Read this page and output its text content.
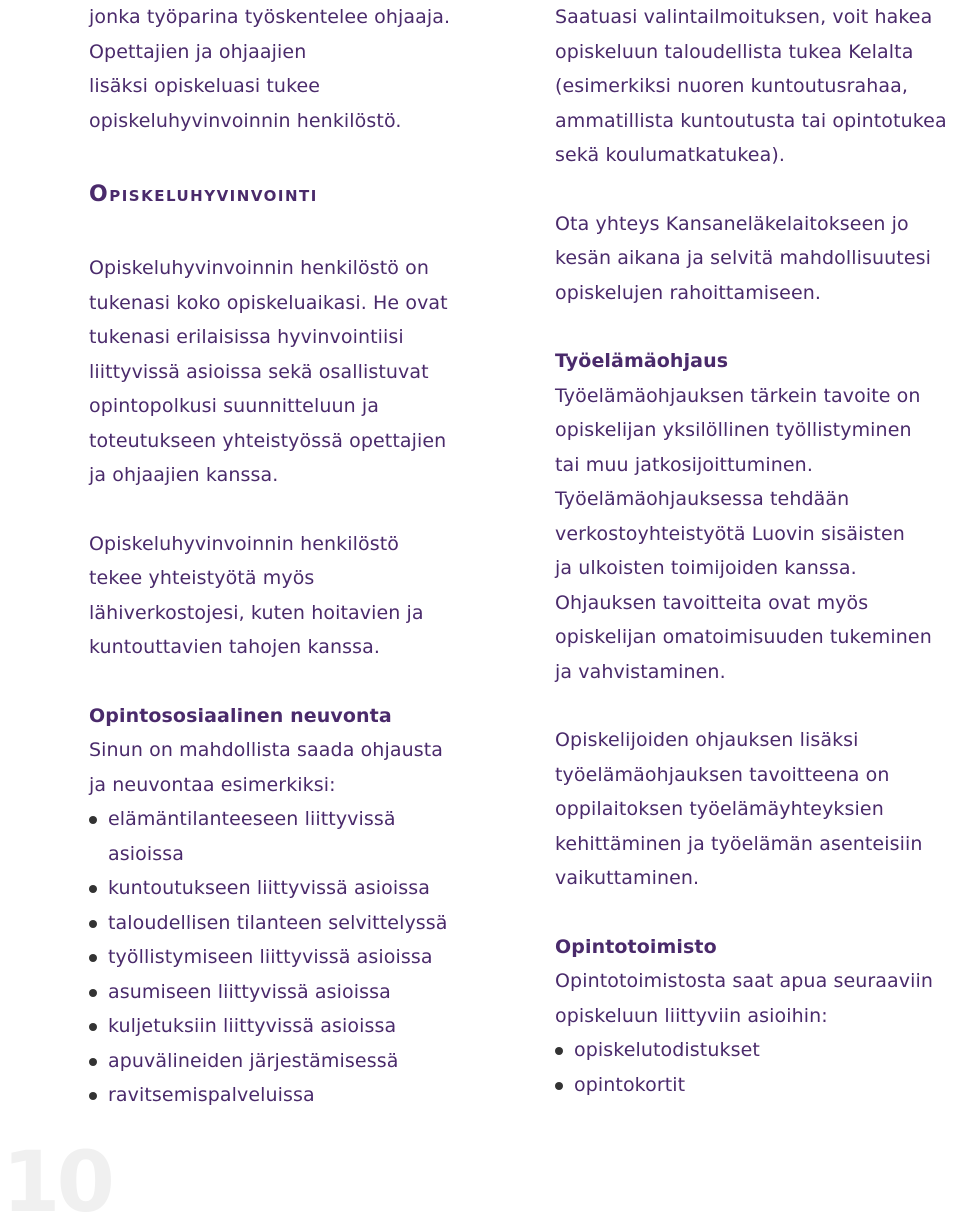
jonka työparina työskentelee ohjaaja.
Opettajien ja ohjaajien
lisäksi opiskeluasi tukee
opiskeluhyvinvoinnin henkilöstö.

Opiskeluhyvinvointi

Opiskeluhyvinvoinnin henkilöstö on
tukenasi koko opiskeluaikasi. He ovat
tukenasi erilaisissa hyvinvointiisi
liittyvissä asioissa sekä osallistuvat
opintopolkusi suunnitteluun ja
toteutukseen yhteistyössä opettajien
ja ohjaajien kanssa.

Opiskeluhyvinvoinnin henkilöstö
tekee yhteistyötä myös
lähiverkostojesi, kuten hoitavien ja
kuntouttavien tahojen kanssa.

Opintososiaalinen neuvonta

Sinun on mahdollista saada ohjausta
ja neuvontaa esimerkiksi:

elämäntilanteeseen liittyvissä
asioissa
kuntoutukseen liittyvissä asioissa
taloudellisen tilanteen selvittelyssä
työllistymiseen liittyvissä asioissa
asumiseen liittyvissä asioissa
kuljetuksiin liittyvissä asioissa
apuvälineiden järjestämisessä
ravitsemispalveluissa

Saatuasi valintailmoituksen, voit hakea
opiskeluun taloudellista tukea Kelalta
(esimerkiksi nuoren kuntoutusrahaa,
ammatillista kuntoutusta tai opintotukea
sekä koulumatkatukea).

Ota yhteys Kansaneläkelaitokseen jo
kesän aikana ja selvitä mahdollisuutesi
opiskelujen rahoittamiseen.

Työelämäohjaus

Työelämäohjauksen tärkein tavoite on
opiskelijan yksilöllinen työllistyminen
tai muu jatkosijoittuminen.
Työelämäohjauksessa tehdään
verkostoyhteistyötä Luovin sisäisten
ja ulkoisten toimijoiden kanssa.
Ohjauksen tavoitteita ovat myös
opiskelijan omatoimisuuden tukeminen
ja vahvistaminen.

Opiskelijoiden ohjauksen lisäksi
työelämäohjauksen tavoitteena on
oppilaitoksen työelämäyhteyksien
kehittäminen ja työelämän asenteisiin
vaikuttaminen.

Opintotoimisto

Opintotoimistosta saat apua seuraaviin
opiskeluun liittyviin asioihin:

opiskelutodistukset
opintokortit
10
